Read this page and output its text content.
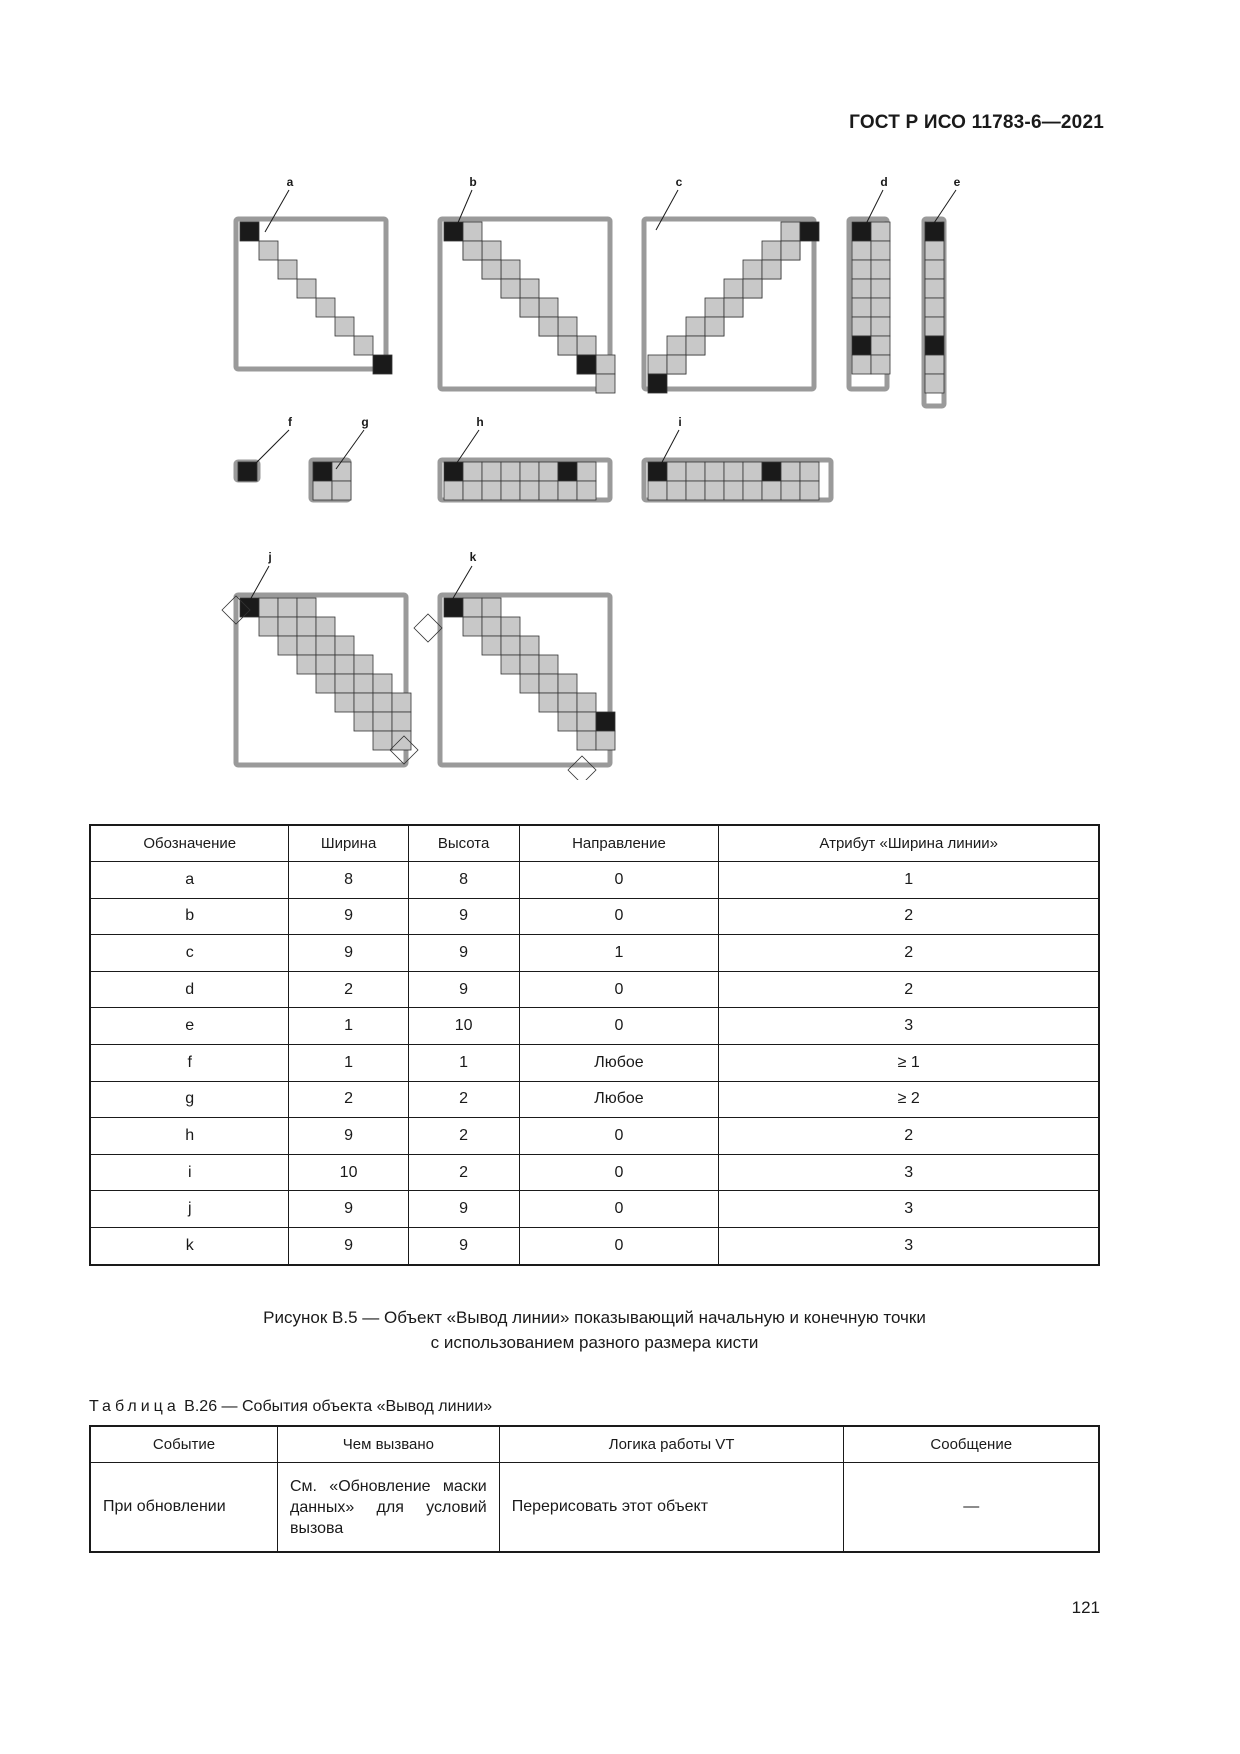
ГОСТ Р ИСО 11783-6—2021
a	b	c	d	e
f	g	h	i
j	k
Обозначение	Ширина	Высота	Направление	Атрибут «Ширина линии»
a	8	8	0	1
b	9	9	0	2
c	9	9	1	2
d	2	9	0	2
e	1	10	0	3
f	1	1	Любое	≥ 1
g	2	2	Любое	≥ 2
h	9	2	0	2
i	10	2	0	3
j	9	9	0	3
k	9	9	0	3
Рисунок В.5 — Объект «Вывод линии» показывающий начальную и конечную точки
с использованием разного размера кисти
Таблица В.26 — События объекта «Вывод линии»
Событие	Чем вызвано	Логика работы VT	Сообщение
При обновлении	См. «Обновление маски данных» для условий вызова	Перерисовать этот объект	—
121
